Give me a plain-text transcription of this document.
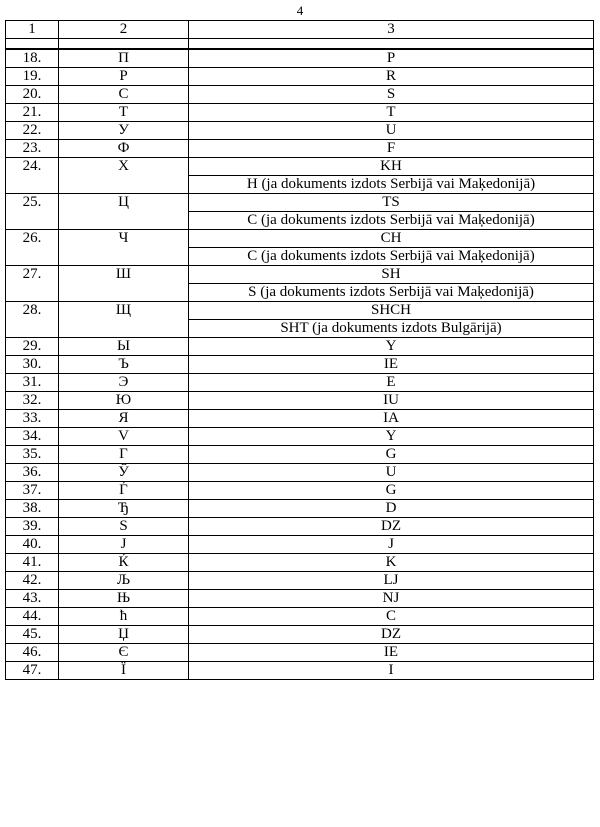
4
1	2	3

18.	П	P
19.	Р	R
20.	С	S
21.	Т	T
22.	У	U
23.	Ф	F
24.	Х	KH
		H (ja dokuments izdots Serbijā vai Maķedonijā)
25.	Ц	TS
		C (ja dokuments izdots Serbijā vai Maķedonijā)
26.	Ч	CH
		C (ja dokuments izdots Serbijā vai Maķedonijā)
27.	Ш	SH
		S (ja dokuments izdots Serbijā vai Maķedonijā)
28.	Щ	SHCH
		SHT (ja dokuments izdots Bulgārijā)
29.	Ы	Y
30.	Ъ	IE
31.	Э	E
32.	Ю	IU
33.	Я	IA
34.	V	Y
35.	Г	G
36.	Ў	U
37.	Ѓ	G
38.	Ђ	D
39.	S	DZ
40.	J	J
41.	Ќ	K
42.	Љ	LJ
43.	Њ	NJ
44.	ћ	C
45.	Џ	DZ
46.	Є	IE
47.	Ї	I
